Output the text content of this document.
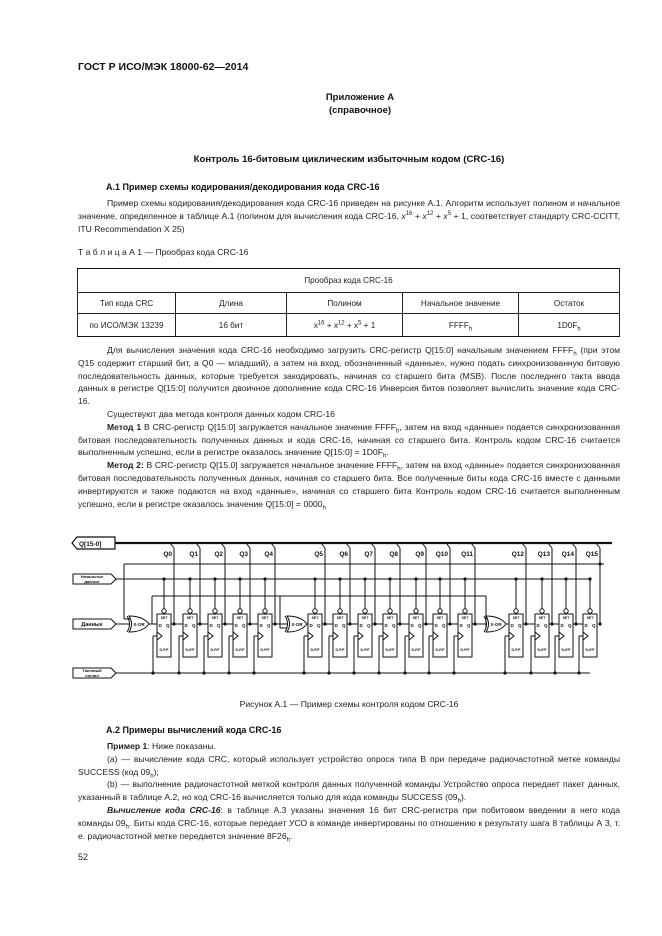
ГОСТ Р ИСО/МЭК 18000-62—2014
Приложение А
(справочное)
Контроль 16-битовым циклическим избыточным кодом (CRC-16)
А.1 Пример схемы кодирования/декодирования кода CRC-16

Пример схемы кодирования/декодирования кода CRC-16 приведен на рисунке А.1. Алгоритм использует полином и начальное значение, определенное в таблице А.1 (полином для вычисления кода CRC-16, $x^{16} + x^{12} + x^5 + 1$, соответствует стандарту CRC-CCITT, ITU Recommendation X 25)

Т а б л и ц а А 1 — Прообраз кода CRC-16
Прообраз кода CRC-16				
Тип кода CRC	Длина	Полином	Начальное значение	Остаток
по ИСО/МЭК 13239	16 бит	$x^{16} + x^{12} + x^5 + 1$	$FFFF_h$	$1D0F_h$

Для вычисления значения кода CRC-16 необходимо загрузить CRC-регистр Q[15:0] начальным значением $FFFF_h$ (при этом Q15 содержит старший бит, а Q0 — младший), а затем на вход, обозначенный «данные», нужно подать синхронизованную битовую последовательность данных, которые требуется закодировать, начиная со старшего бита (MSB). После последнего такта ввода данных в регистре Q[15:0] получится двоичное дополнение кода CRC-16 Инверсия битов позволяет вычислить значение кода CRC-16.

Существуют два метода контроля данных кодом CRC-16

Метод 1 В CRC-регистр Q[15:0] загружается начальное значение $FFFF_h$, затем на вход «данные» подается синхронизованная битовая последовательность полученных данных и кода CRC-16, начиная со старшего бита. Контроль кодом CRC-16 считается выполненным успешно, если в регистре оказалось значение Q[15:0] = $1D0F_h$.

Метод 2: В CRC-регистр Q[15.0] загружается начальное значение $FFFF_h$, затем на вход «данные» подается синхронизованная битовая последовательность полученных данных, начиная со старшего бита. Все полученные биты кода CRC-16 вместе с данными инвертируются и также подаются на вход «данные», начиная со старшего бита Контроль кодом CRC-16 считается выполненным успешно, если в регистре оказалось значение Q[15:0] = $0000_h$

Q[15-0]
Начальные
данные
Данные
Тактовый
сигнал
X-OR	X-OR	X-OR
SET
D Q
D-F/F
Q0
SET
D Q
D-F/F
Q1
SET
D Q
D-F/F
Q2
SET
D Q
D-F/F
Q3
SET
D Q
D-F/F
Q4
SET
D Q
D-F/F
Q5
SET
D Q
D-F/F
Q6
SET
D Q
D-F/F
Q7
SET
D Q
D-F/F
Q8
SET
D Q
D-F/F
Q9
SET
D Q
D-F/F
Q10
SET
D Q
D-F/F
Q11
SET
D Q
D-F/F
Q12
SET
D Q
D-F/F
Q13
SET
D Q
D-F/F
Q14
SET
D Q
D-F/F
Q15
Рисунок А.1 — Пример схемы контроля кодом CRC-16
А.2 Примеры вычислений кода CRC-16

Пример 1: Ниже показаны.

(a) — вычисление кода CRC, который использует устройство опроса типа B при передаче радиочастотной метке команды SUCCESS (код $09_h$);

(b) — выполнение радиочастотной меткой контроля данных полученной команды Устройство опроса передает пакет данных, указанный в таблице А.2, но код CRC-16 вычисляется только для кода команды SUCCESS $(09_h)$.

Вычисление кода CRC-16: в таблице А.3 указаны значения 16 бит CRC-регистра при побитовом введении в него кода команды $09_h$. Биты кода CRC-16, которые передает УСО в команде инвертированы по отношению к результату шага 8 таблицы А 3, т. е. радиочастотной метке передается значение $8F26_h$.

52
